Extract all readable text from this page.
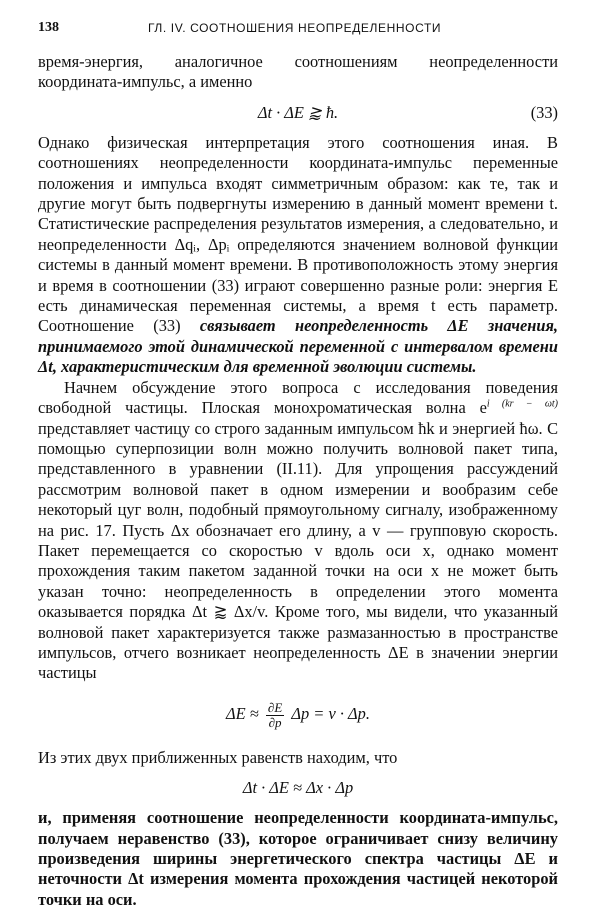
138	ГЛ. IV. СООТНОШЕНИЯ НЕОПРЕДЕЛЕННОСТИ

время-энергия, аналогичное соотношениям неопределенности координата-импульс, а именно

Δt · ΔE ⪆ ħ.	(33)

Однако физическая интерпретация этого соотношения иная. В соотношениях неопределенности координата-импульс переменные положения и импульса входят симметричным образом: как те, так и другие могут быть подвергнуты измерению в данный момент времени t. Статистические распределения результатов измерения, а следовательно, и неопределенности Δqᵢ, Δpᵢ определяются значением волновой функции системы в данный момент времени. В противоположность этому энергия и время в соотношении (33) играют совершенно разные роли: энергия E есть динамическая переменная системы, а время t есть параметр. Соотношение (33) связывает неопределенность ΔE значения, принимаемого этой динамической переменной с интервалом времени Δt, характеристическим для временной эволюции системы.

Начнем обсуждение этого вопроса с исследования поведения свободной частицы. Плоская монохроматическая волна $e^{i (kr - \omega t)}$ представляет частицу со строго заданным импульсом ħk и энергией ħω. С помощью суперпозиции волн можно получить волновой пакет типа, представленного в уравнении (II.11). Для упрощения рассуждений рассмотрим волновой пакет в одном измерении и вообразим себе некоторый цуг волн, подобный прямоугольному сигналу, изображенному на рис. 17. Пусть Δx обозначает его длину, а v — групповую скорость. Пакет перемещается со скоростью v вдоль оси x, однако момент прохождения таким пакетом заданной точки на оси x не может быть указан точно: неопределенность в определении этого момента оказывается порядка Δt ⪆ Δx/v. Кроме того, мы видели, что указанный волновой пакет характеризуется также размазанностью в пространстве импульсов, отчего возникает неопределенность ΔE в значении энергии частицы

$\Delta E \approx \frac{\partial E}{\partial p}$ Δp = v · Δp.

Из этих двух приближенных равенств находим, что

Δt · ΔE ≈ Δx · Δp

и, применяя соотношение неопределенности координата-импульс, получаем неравенство (33), которое ограничивает снизу величину произведения ширины энергетического спектра частицы ΔE и неточности Δt измерения момента прохождения частицей некоторой точки на оси.
